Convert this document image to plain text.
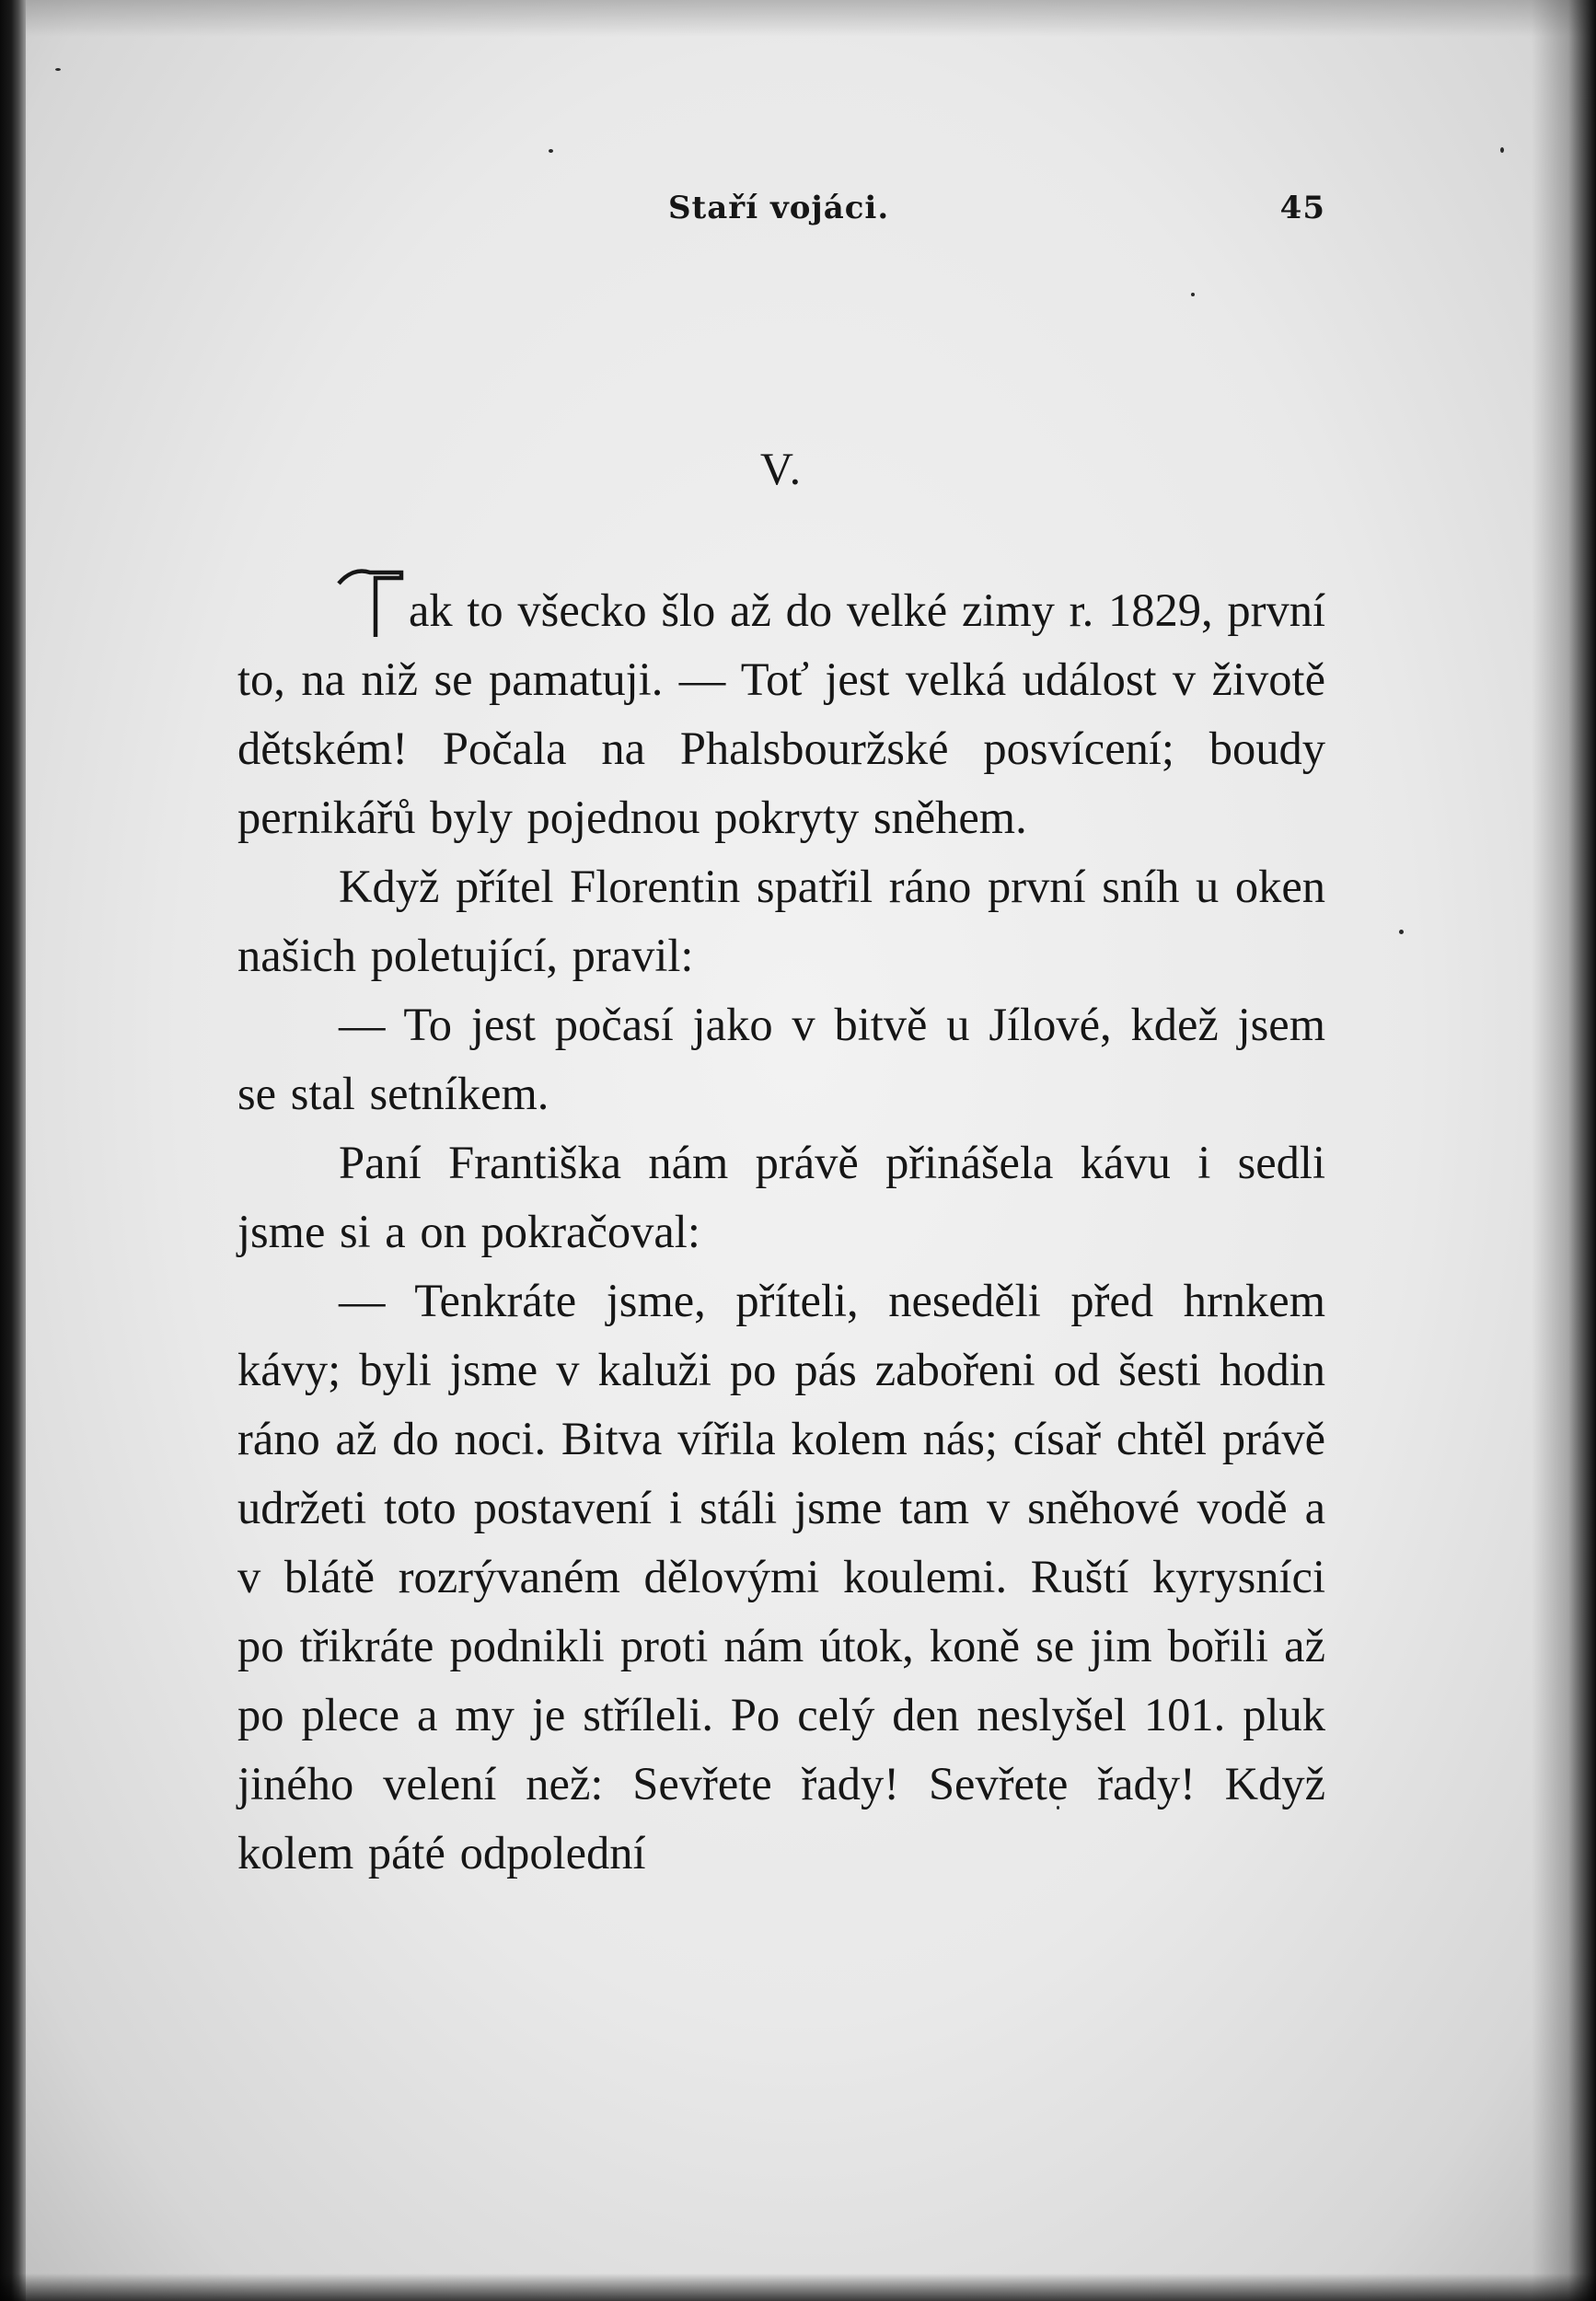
Staří vojáci.	45
V.

ak to všecko šlo až do velké zimy r. 1829, první to, na niž se pamatuji. — Toť jest velká událost v životě dětském! Počala na Phalsbouržské posvícení; boudy pernikářů byly pojednou pokryty sněhem.

Když přítel Florentin spatřil ráno první sníh u oken našich poletující, pravil:

— To jest počasí jako v bitvě u Jílové, kdež jsem se stal setníkem.

Paní Františka nám právě přinášela kávu i sedli jsme si a on pokračoval:

— Tenkráte jsme, příteli, neseděli před hrnkem kávy; byli jsme v kaluži po pás zabořeni od šesti hodin ráno až do noci. Bitva vířila kolem nás; císař chtěl právě udržeti toto postavení i stáli jsme tam v sněhové vodě a v blátě rozrývaném dělovými koulemi. Ruští kyrysníci po třikráte podnikli proti nám útok, koně se jim bořili až po plece a my je stříleli. Po celý den neslyšel 101. pluk jiného velení než: Sevřete řady! Sevřete řady! Když kolem páté odpolední
